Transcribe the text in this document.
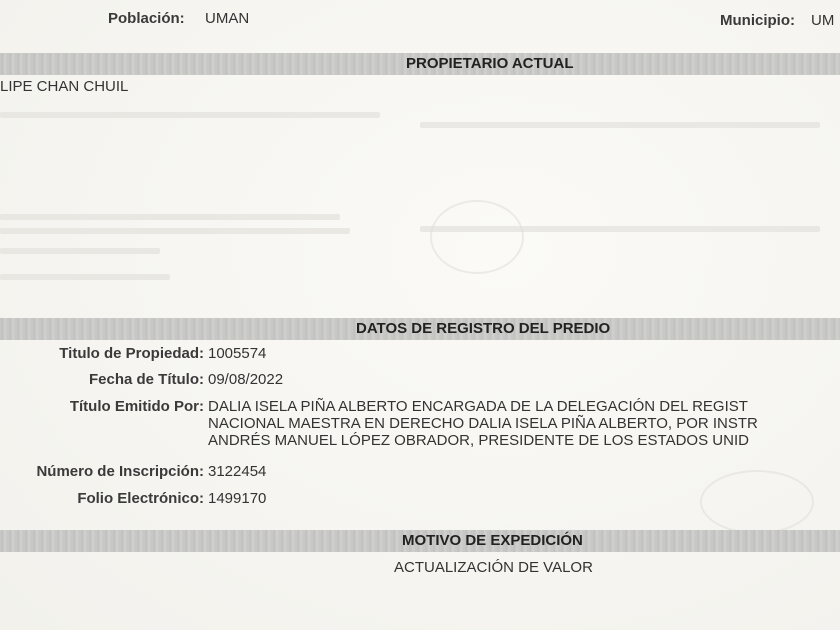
Población: UMAN	Municipio: UM
PROPIETARIO ACTUAL
LIPE CHAN CHUIL
DATOS DE REGISTRO DEL PREDIO
Titulo de Propiedad: 1005574
Fecha de Título: 09/08/2022
Título Emitido Por: DALIA ISELA PIÑA ALBERTO ENCARGADA DE LA DELEGACIÓN DEL REGIST
NACIONAL MAESTRA EN DERECHO DALIA ISELA PIÑA ALBERTO, POR INSTR
ANDRÉS MANUEL LÓPEZ OBRADOR, PRESIDENTE DE LOS ESTADOS UNID
Número de Inscripción: 3122454
Folio Electrónico: 1499170
MOTIVO DE EXPEDICIÓN
ACTUALIZACIÓN DE VALOR
